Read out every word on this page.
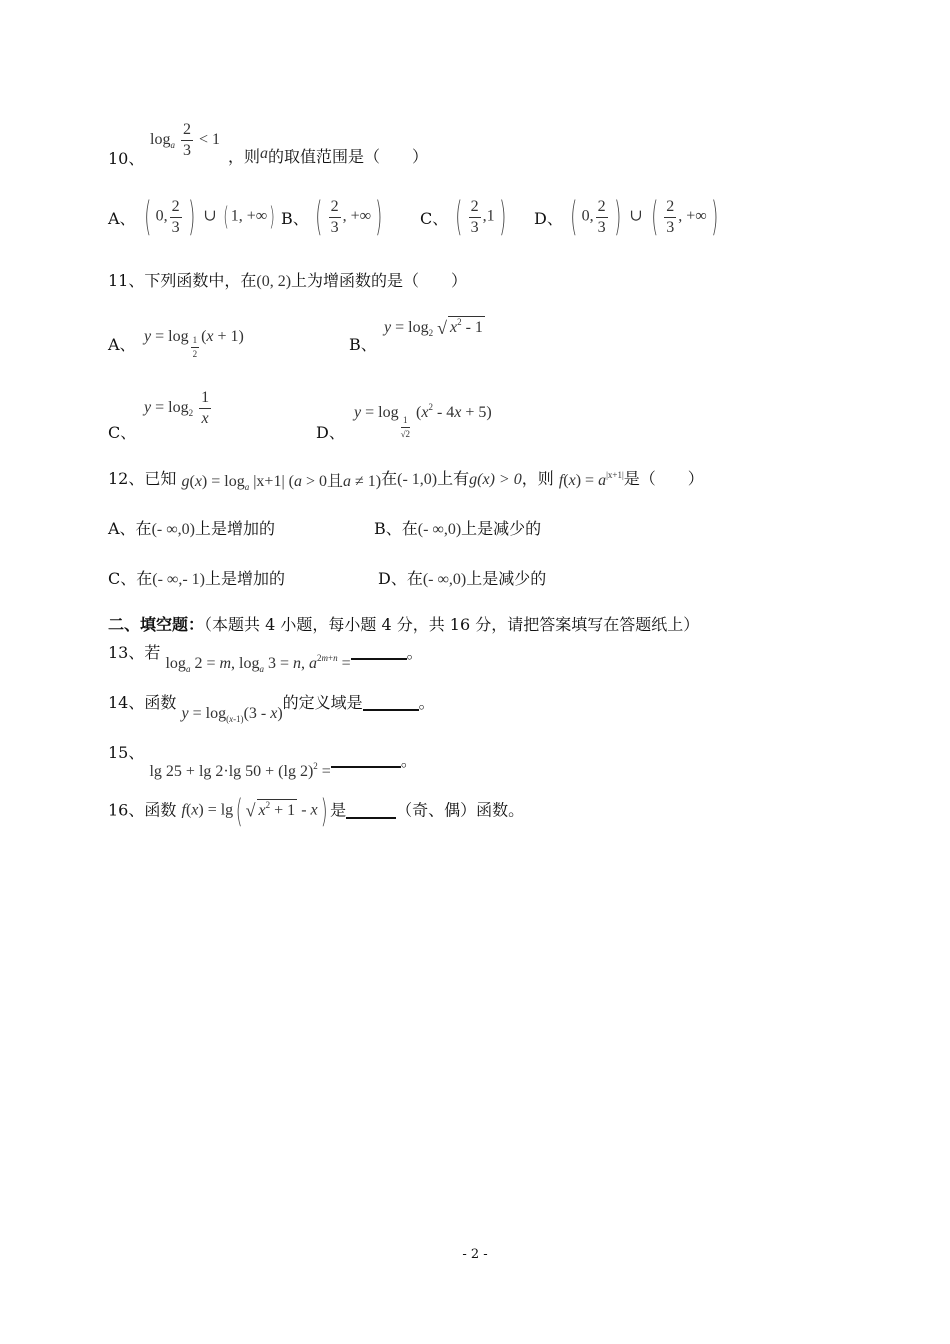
10、
$\log_a \frac{2}{3} < 1$
，则a的取值范围是（　　）
A、 ( 0, $\frac{2}{3}$ ) ∪ ( 1, +∞) B、 ( $\frac{2}{3}$ , +∞ ) C、 ( $\frac{2}{3} ,1$ ) D、 ( 0, $\frac{2}{3}$ ) ∪ ( $\frac{2}{3}$ , +∞ )
11、下列函数中，在(0, 2)上为增函数的是（　　）
A、 $y = \log \frac{1}{2} (x + 1)$	B、
$y = \log_2$ √ $x^2 - 1$
C、
$y = \log_2 \frac{1}{x}$
D、
y = log
$\frac{1}{√2}$
$(x^2 - 4x + 5)$
12、已知 $g(x) = \log_a |x+1|$ (a > 0且a ≠ 1)在(- 1,0)上有g(x) > 0，则 $f(x) = a^{|x+1|}$是（　　）
A、在(- ∞,0)上是增加的	B、在(- ∞,0)上是减少的
C、在(- ∞,- 1)上是增加的	D、在(- ∞,0)上是减少的
二、填空题：（本题共 4 小题，每小题 4 分，共 16 分，请把答案填写在答题纸上）
13、若 $\log_a 2 = m$, $\log_a 3 = n$, $a^{2m+n}$ =。
14、函数 $y = \log_{(x-1)}(3 - x)$的定义域是	。
15、 lg 25 + lg 2·lg 50 + (lg 2)$^2$ =。
16、函数 f(x) = lg( √ $x^2 + 1 - x$) 是	（奇、偶）函数。
- 2 -
